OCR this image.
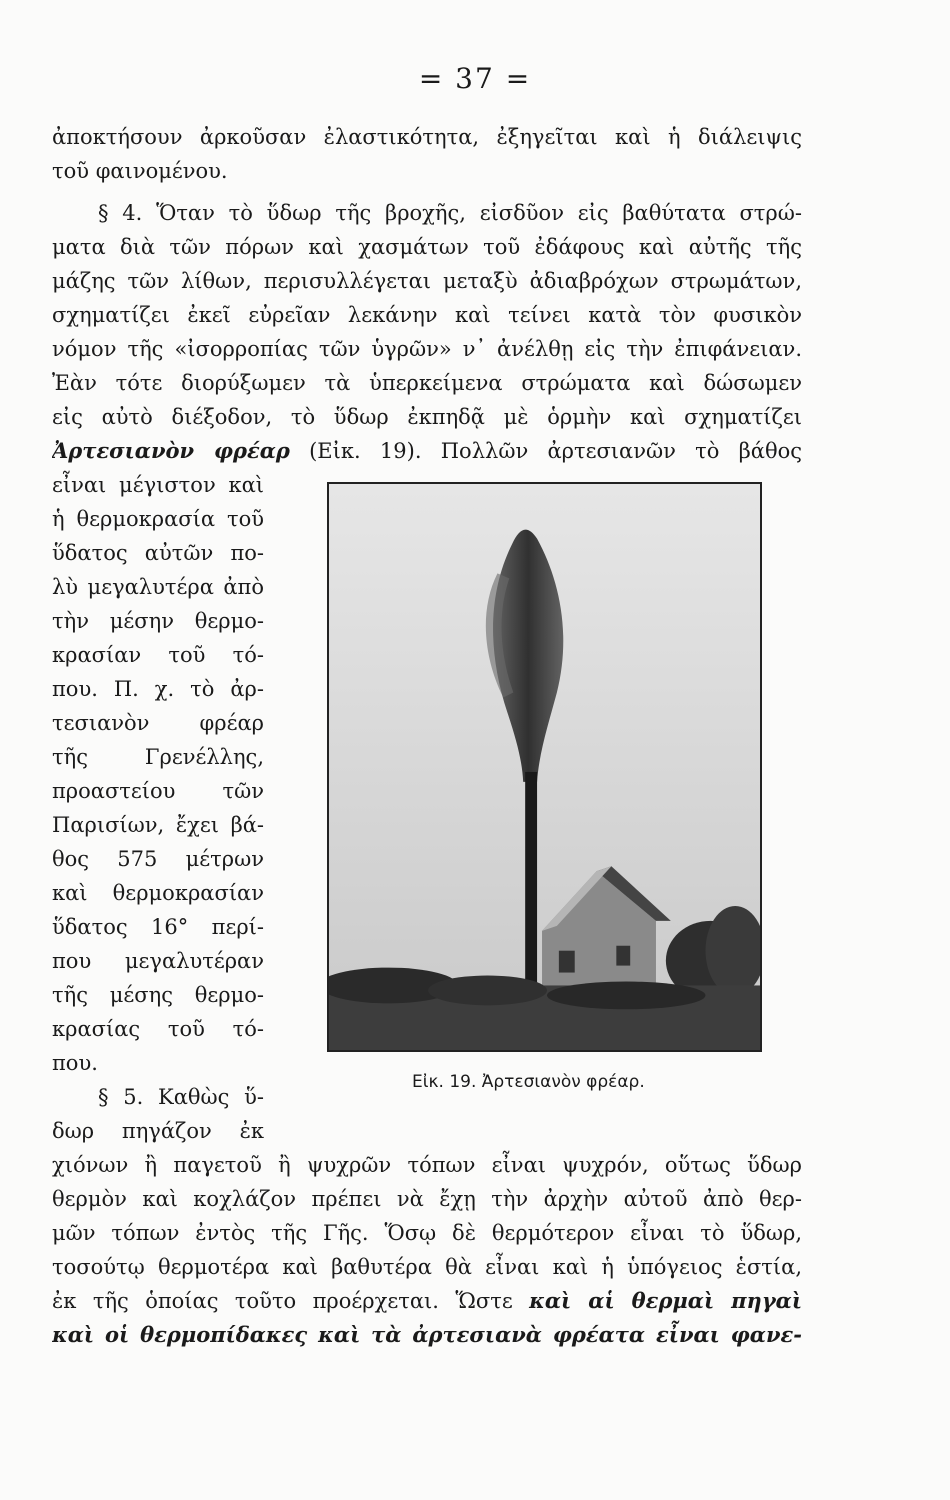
= 37 =
ἀποκτήσουν ἀρκοῦσαν ἐλαστικότητα, ἐξηγεῖται καὶ ἡ διάλειψις
τοῦ φαινομένου.
§ 4. Ὅταν τὸ ὕδωρ τῆς βροχῆς, εἰσδῦον εἰς βαθύτατα στρώ-
ματα διὰ τῶν πόρων καὶ χασμάτων τοῦ ἐδάφους καὶ αὐτῆς τῆς
μάζης τῶν λίθων, περισυλλέγεται μεταξὺ ἀδιαβρόχων στρωμάτων,
σχηματίζει ἐκεῖ εὐρεῖαν λεκάνην καὶ τείνει κατὰ τὸν φυσικὸν
νόμον τῆς «ἰσορροπίας τῶν ὑγρῶν» ν᾽ ἀνέλθῃ εἰς τὴν ἐπιφάνειαν.
Ἐὰν τότε διορύξωμεν τὰ ὑπερκείμενα στρώματα καὶ δώσωμεν
εἰς αὐτὸ διέξοδον, τὸ ὕδωρ ἐκπηδᾷ μὲ ὁρμὴν καὶ σχηματίζει
Ἀρτεσιανὸν φρέαρ (Εἰκ. 19). Πολλῶν ἀρτεσιανῶν τὸ βάθος
εἶναι μέγιστον καὶ
ἡ θερμοκρασία τοῦ
ὕδατος αὐτῶν πο-
λὺ μεγαλυτέρα ἀπὸ
τὴν μέσην θερμο-
κρασίαν τοῦ τό-
που. Π. χ. τὸ ἀρ-
τεσιανὸν φρέαρ
τῆς Γρενέλλης,
προαστείου τῶν
Παρισίων, ἔχει βά-
θος 575 μέτρων
καὶ θερμοκρασίαν
ὕδατος 16° περί-
που μεγαλυτέραν
τῆς μέσης θερμο-
κρασίας τοῦ τό-
που.
§ 5. Καθὼς ὕ-
δωρ πηγάζον ἐκ
Εἰκ. 19. Ἀρτεσιανὸν φρέαρ.
χιόνων ἢ παγετοῦ ἢ ψυχρῶν τόπων εἶναι ψυχρόν, οὕτως ὕδωρ
θερμὸν καὶ κοχλάζον πρέπει νὰ ἔχῃ τὴν ἀρχὴν αὐτοῦ ἀπὸ θερ-
μῶν τόπων ἐντὸς τῆς Γῆς. Ὅσῳ δὲ θερμότερον εἶναι τὸ ὕδωρ,
τοσούτῳ θερμοτέρα καὶ βαθυτέρα θὰ εἶναι καὶ ἡ ὑπόγειος ἑστία,
ἐκ τῆς ὁποίας τοῦτο προέρχεται. Ὥστε καὶ αἱ θερμαὶ πηγαὶ
καὶ οἱ θερμοπίδακες καὶ τὰ ἀρτεσιανὰ φρέατα εἶναι φανε-
